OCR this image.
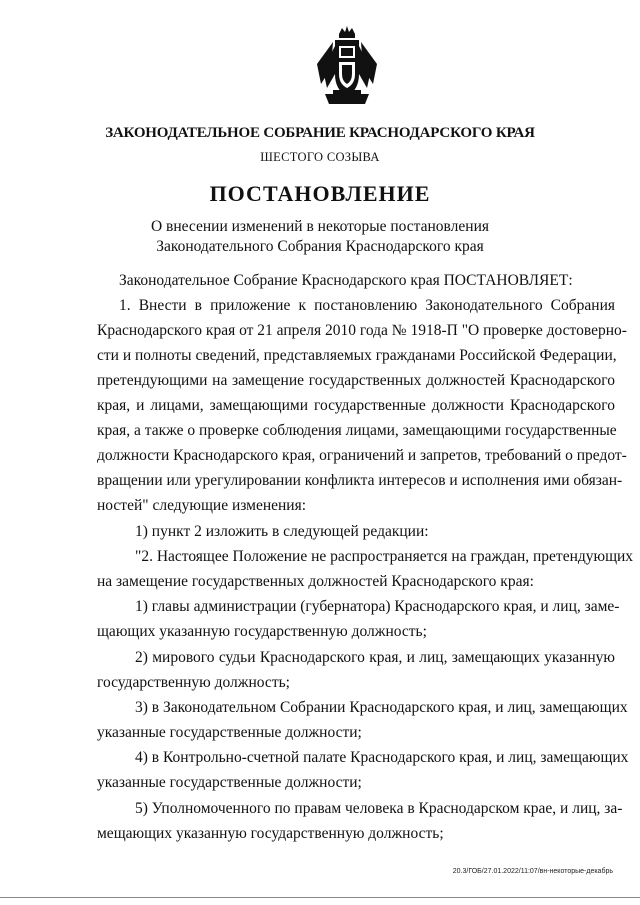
ЗАКОНОДАТЕЛЬНОЕ СОБРАНИЕ КРАСНОДАРСКОГО КРАЯ
ШЕСТОГО СОЗЫВА
ПОСТАНОВЛЕНИЕ
О внесении изменений в некоторые постановления
Законодательного Собрания Краснодарского края
Законодательное Собрание Краснодарского края ПОСТАНОВЛЯЕТ:
1. Внести в приложение к постановлению Законодательного Собрания
Краснодарского края от 21 апреля 2010 года № 1918-П "О проверке достоверно-
сти и полноты сведений, представляемых гражданами Российской Федерации,
претендующими на замещение государственных должностей Краснодарского
края, и лицами, замещающими государственные должности Краснодарского
края, а также о проверке соблюдения лицами, замещающими государственные
должности Краснодарского края, ограничений и запретов, требований о предот-
вращении или урегулировании конфликта интересов и исполнения ими обязан-
ностей" следующие изменения:
1) пункт 2 изложить в следующей редакции:
"2. Настоящее Положение не распространяется на граждан, претендующих
на замещение государственных должностей Краснодарского края:
1) главы администрации (губернатора) Краснодарского края, и лиц, заме-
щающих указанную государственную должность;
2) мирового судьи Краснодарского края, и лиц, замещающих указанную
государственную должность;
3) в Законодательном Собрании Краснодарского края, и лиц, замещающих
указанные государственные должности;
4) в Контрольно-счетной палате Краснодарского края, и лиц, замещающих
указанные государственные должности;
5) Уполномоченного по правам человека в Краснодарском крае, и лиц, за-
мещающих указанную государственную должность;
20.3/ГОБ/27.01.2022/11:07/вн-некоторые-декабрь
